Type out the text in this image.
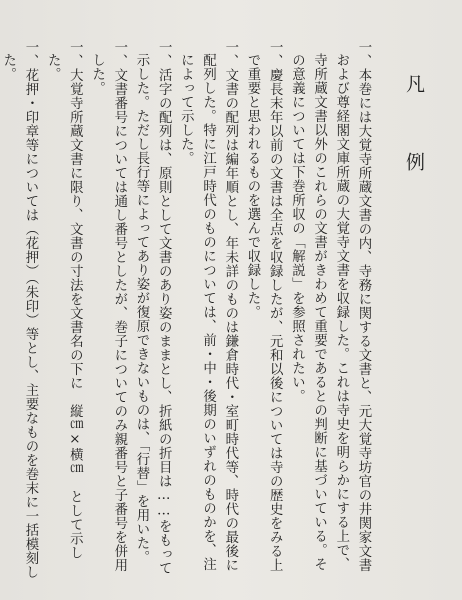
凡　例

一、本巻には大覚寺所蔵文書の内、寺務に関する文書と、元大覚寺坊官の井関家文書および尊経閣文庫所蔵の大覚寺文書を収録した。これは寺史を明らかにする上で、寺所蔵文書以外のこれらの文書がきわめて重要であるとの判断に基づいている。その意義については下巻所収の「解説」を参照されたい。

一、慶長末年以前の文書は全点を収録したが、元和以後については寺の歴史をみる上で重要と思われるものを選んで収録した。

一、文書の配列は編年順とし、年未詳のものは鎌倉時代・室町時代等、時代の最後に配列した。特に江戸時代のものについては、前・中・後期のいずれのものかを、注によって示した。

一、活字の配列は、原則として文書のあり姿のままとし、折紙の折目は……をもって示した。ただし長行等によってあり姿が復原できないものは、「行替」を用いた。

一、文書番号については通し番号としたが、巻子についてのみ親番号と子番号を併用した。

一、大覚寺所蔵文書に限り、文書の寸法を文書名の下に　縦㎝×横㎝　として示した。

一、花押・印章等については（花押）（朱印）等とし、主要なものを巻末に一括模刻した。
